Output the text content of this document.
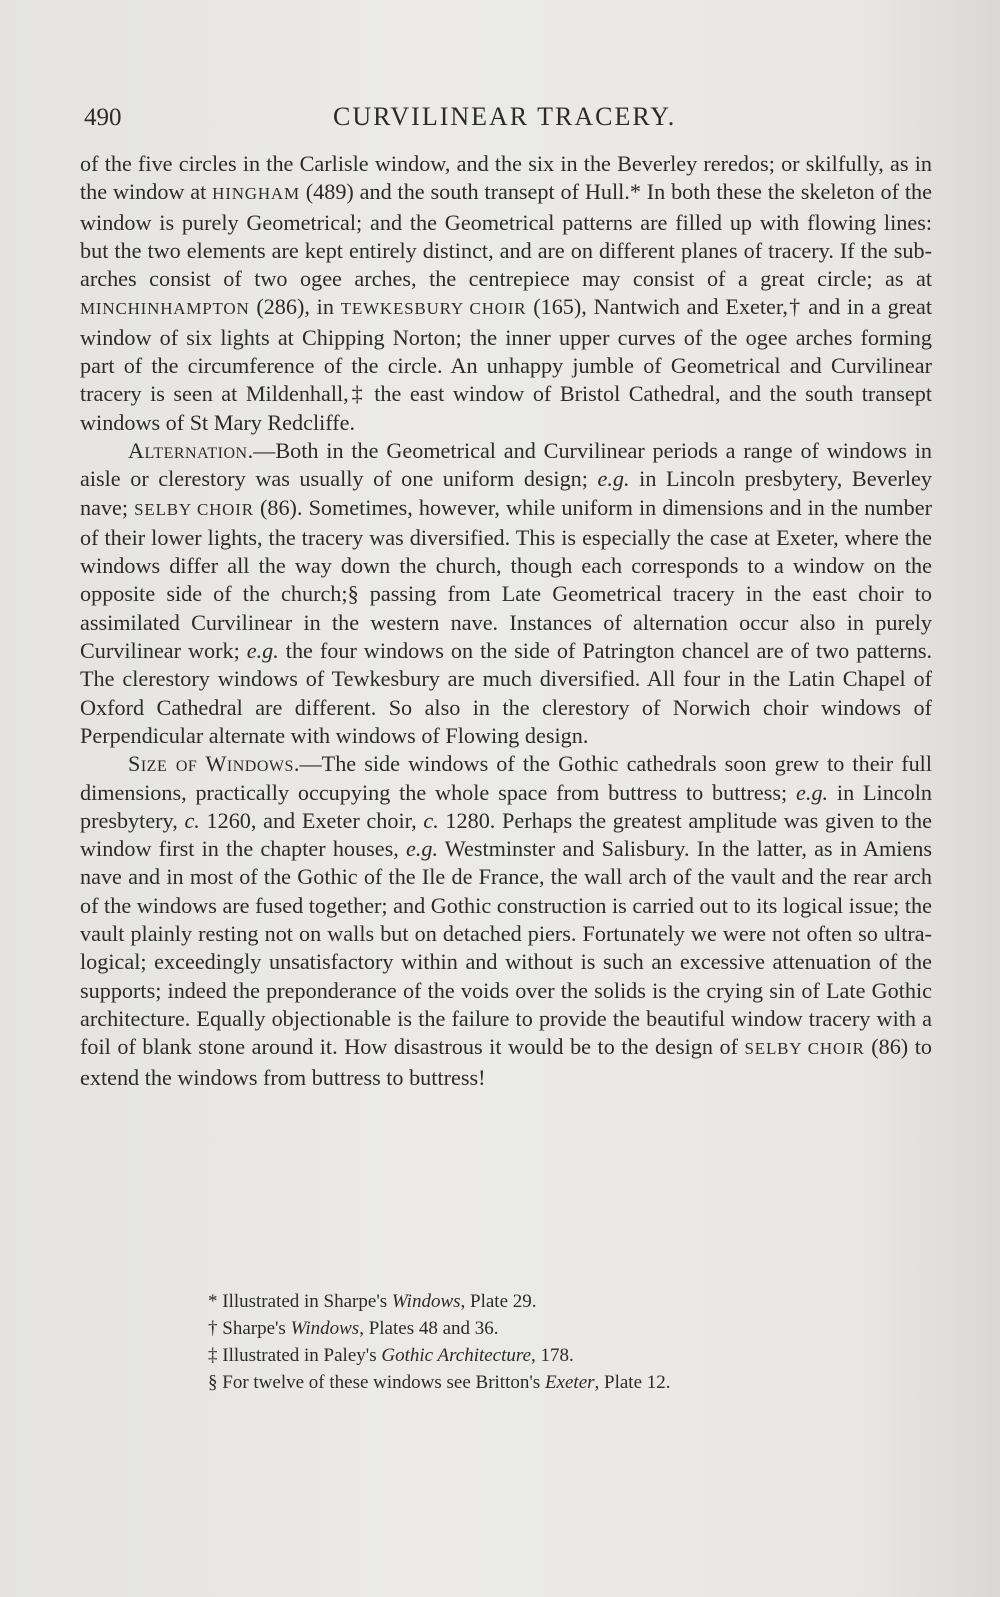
490	CURVILINEAR TRACERY.

of the five circles in the Carlisle window, and the six in the Beverley reredos; or skilfully, as in the window at HINGHAM (489) and the south transept of Hull.* In both these the skeleton of the window is purely Geometrical; and the Geometrical patterns are filled up with flowing lines: but the two elements are kept entirely distinct, and are on different planes of tracery. If the sub-arches consist of two ogee arches, the centrepiece may consist of a great circle; as at MINCHINHAMPTON (286), in TEWKESBURY CHOIR (165), Nantwich and Exeter,† and in a great window of six lights at Chipping Norton; the inner upper curves of the ogee arches forming part of the circumference of the circle. An unhappy jumble of Geometrical and Curvilinear tracery is seen at Mildenhall,‡ the east window of Bristol Cathedral, and the south transept windows of St Mary Redcliffe.

Alternation.—Both in the Geometrical and Curvilinear periods a range of windows in aisle or clerestory was usually of one uniform design; e.g. in Lincoln presbytery, Beverley nave; SELBY CHOIR (86). Sometimes, however, while uniform in dimensions and in the number of their lower lights, the tracery was diversified. This is especially the case at Exeter, where the windows differ all the way down the church, though each corresponds to a window on the opposite side of the church;§ passing from Late Geometrical tracery in the east choir to assimilated Curvilinear in the western nave. Instances of alternation occur also in purely Curvilinear work; e.g. the four windows on the side of Patrington chancel are of two patterns. The clerestory windows of Tewkesbury are much diversified. All four in the Latin Chapel of Oxford Cathedral are different. So also in the clerestory of Norwich choir windows of Perpendicular alternate with windows of Flowing design.

Size of Windows.—The side windows of the Gothic cathedrals soon grew to their full dimensions, practically occupying the whole space from buttress to buttress; e.g. in Lincoln presbytery, c. 1260, and Exeter choir, c. 1280. Perhaps the greatest amplitude was given to the window first in the chapter houses, e.g. Westminster and Salisbury. In the latter, as in Amiens nave and in most of the Gothic of the Ile de France, the wall arch of the vault and the rear arch of the windows are fused together; and Gothic construction is carried out to its logical issue; the vault plainly resting not on walls but on detached piers. Fortunately we were not often so ultra-logical; exceedingly unsatisfactory within and without is such an excessive attenuation of the supports; indeed the preponderance of the voids over the solids is the crying sin of Late Gothic architecture. Equally objectionable is the failure to provide the beautiful window tracery with a foil of blank stone around it. How disastrous it would be to the design of SELBY CHOIR (86) to extend the windows from buttress to buttress!

* Illustrated in Sharpe's Windows, Plate 29.
† Sharpe's Windows, Plates 48 and 36.
‡ Illustrated in Paley's Gothic Architecture, 178.
§ For twelve of these windows see Britton's Exeter, Plate 12.
